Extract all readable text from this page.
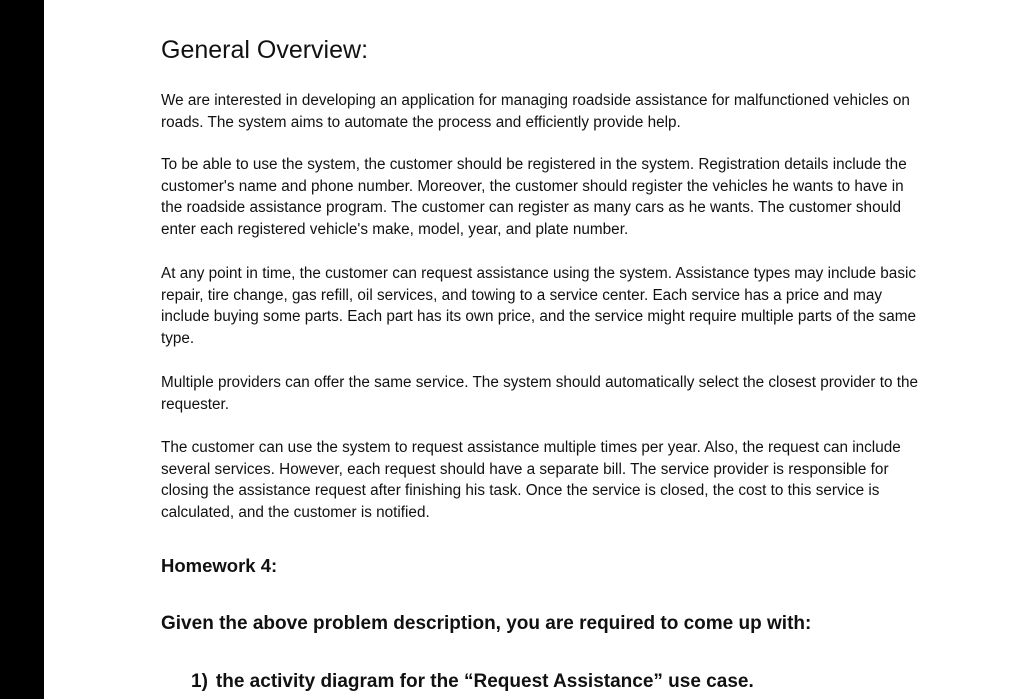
General Overview:

We are interested in developing an application for managing roadside assistance for malfunctioned vehicles on roads. The system aims to automate the process and efficiently provide help.

To be able to use the system, the customer should be registered in the system. Registration details include the customer's name and phone number. Moreover, the customer should register the vehicles he wants to have in the roadside assistance program. The customer can register as many cars as he wants. The customer should enter each registered vehicle's make, model, year, and plate number.

At any point in time, the customer can request assistance using the system. Assistance types may include basic repair, tire change, gas refill, oil services, and towing to a service center. Each service has a price and may include buying some parts. Each part has its own price, and the service might require multiple parts of the same type.

Multiple providers can offer the same service. The system should automatically select the closest provider to the requester.

The customer can use the system to request assistance multiple times per year. Also, the request can include several services. However, each request should have a separate bill. The service provider is responsible for closing the assistance request after finishing his task. Once the service is closed, the cost to this service is calculated, and the customer is notified.

Homework 4:

Given the above problem description, you are required to come up with:

1) the activity diagram for the “Request Assistance” use case.
